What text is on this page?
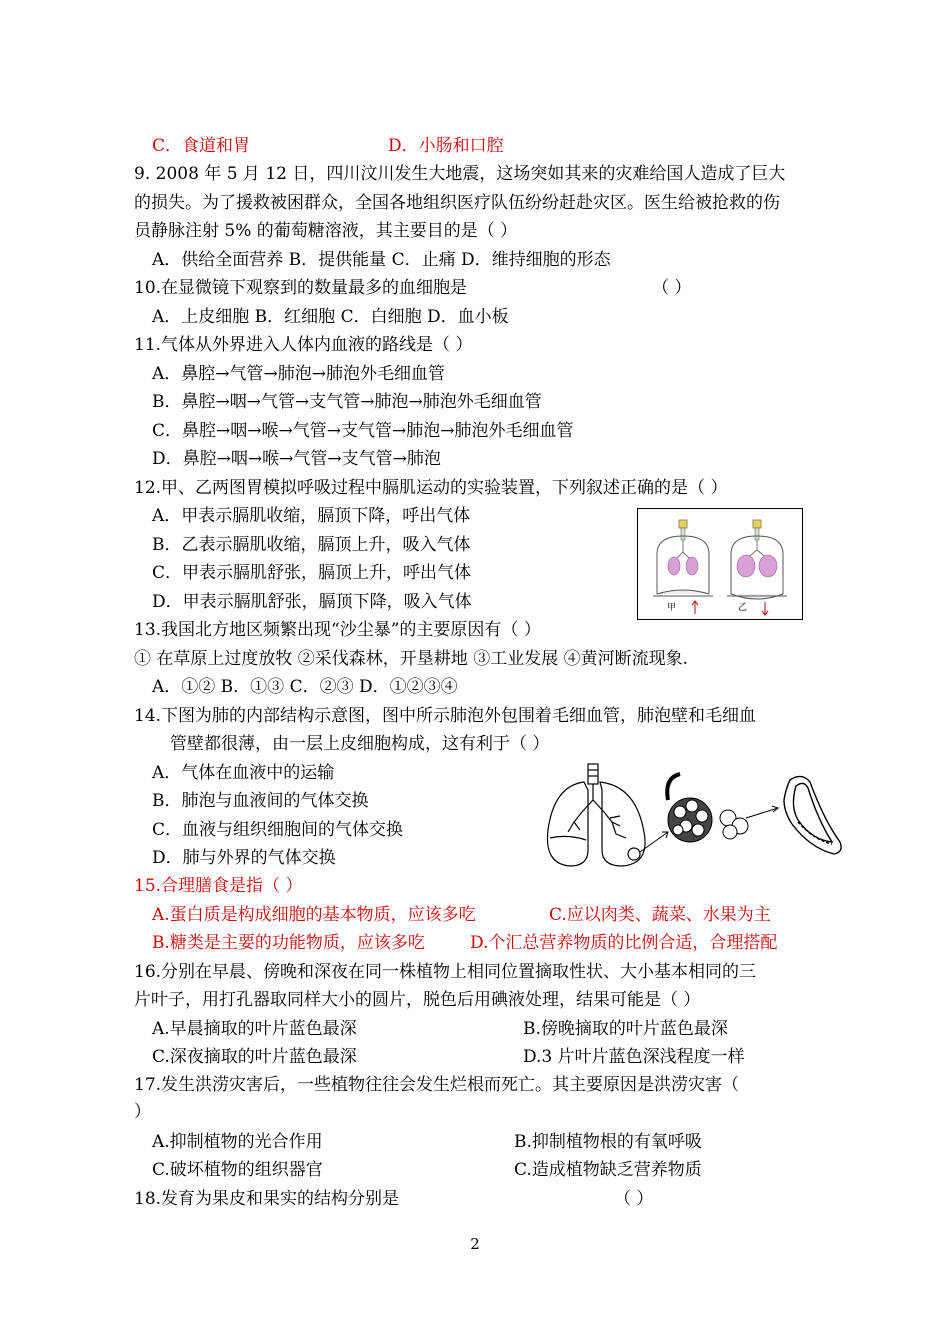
C．食道和胃	D．小肠和口腔
9. 2008 年 5 月 12 日，四川汶川发生大地震，这场突如其来的灾难给国人造成了巨大
的损失。为了援救被困群众，全国各地组织医疗队伍纷纷赶赴灾区。医生给被抢救的伤
员静脉注射 5% 的葡萄糖溶液，其主要目的是（ ）
A．供给全面营养 B．提供能量 C．止痛 D．维持细胞的形态
10.在显微镜下观察到的数量最多的血细胞是	（ ）
A．上皮细胞 B．红细胞 C．白细胞 D．血小板
11.气体从外界进入人体内血液的路线是（ ）
A．鼻腔→气管→肺泡→肺泡外毛细血管
B．鼻腔→咽→气管→支气管→肺泡→肺泡外毛细血管
C．鼻腔→咽→喉→气管→支气管→肺泡→肺泡外毛细血管
D．鼻腔→咽→喉→气管→支气管→肺泡
12.甲、乙两图胃模拟呼吸过程中膈肌运动的实验装置，下列叙述正确的是（ ）
A．甲表示膈肌收缩，膈顶下降，呼出气体
B．乙表示膈肌收缩，膈顶上升，吸入气体
C．甲表示膈肌舒张，膈顶上升，呼出气体
D．甲表示膈肌舒张，膈顶下降，吸入气体	甲	乙
13.我国北方地区频繁出现“沙尘暴”的主要原因有（ ）
① 在草原上过度放牧 ②采伐森林，开垦耕地 ③工业发展 ④黄河断流现象.
A．①② B．①③ C．②③ D．①②③④
14.下图为肺的内部结构示意图，图中所示肺泡外包围着毛细血管，肺泡壁和毛细血
管壁都很薄，由一层上皮细胞构成，这有利于（ ）
A．气体在血液中的运输
B．肺泡与血液间的气体交换
C．血液与组织细胞间的气体交换
D．肺与外界的气体交换
15.合理膳食是指（ ）
A.蛋白质是构成细胞的基本物质，应该多吃	C.应以肉类、蔬菜、水果为主
B.糖类是主要的功能物质，应该多吃	D.个汇总营养物质的比例合适，合理搭配
16.分别在早晨、傍晚和深夜在同一株植物上相同位置摘取性状、大小基本相同的三
片叶子，用打孔器取同样大小的圆片，脱色后用碘液处理，结果可能是（ ）
A.早晨摘取的叶片蓝色最深	B.傍晚摘取的叶片蓝色最深
C.深夜摘取的叶片蓝色最深	D.3 片叶片蓝色深浅程度一样
17.发生洪涝灾害后，一些植物往往会发生烂根而死亡。其主要原因是洪涝灾害（
）
A.抑制植物的光合作用	B.抑制植物根的有氧呼吸
C.破坏植物的组织器官	C.造成植物缺乏营养物质
18.发育为果皮和果实的结构分别是	（ ）
2
